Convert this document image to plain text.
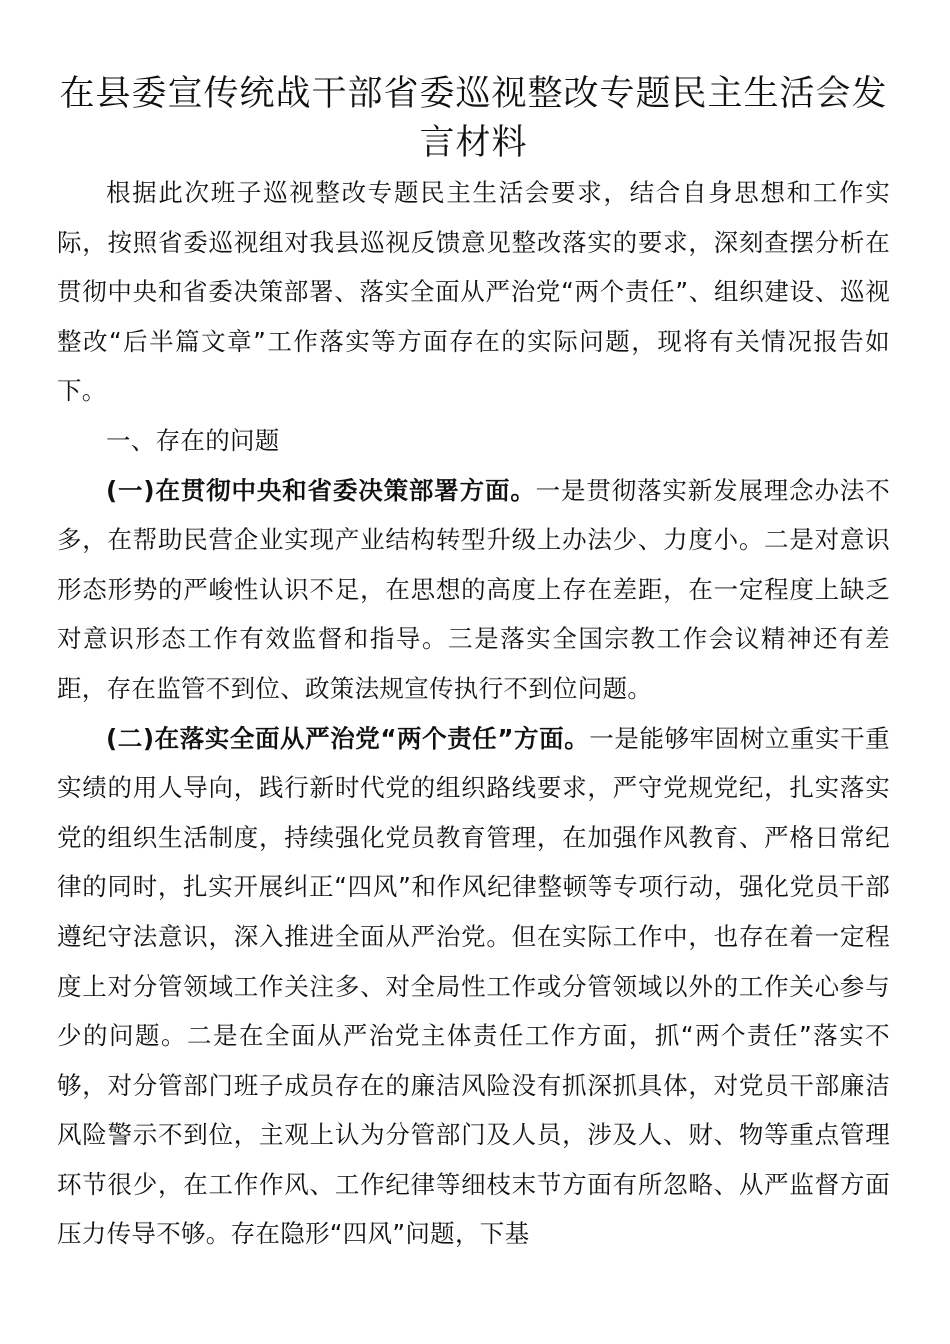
在县委宣传统战干部省委巡视整改专题民主生活会发言材料

根据此次班子巡视整改专题民主生活会要求，结合自身思想和工作实际，按照省委巡视组对我县巡视反馈意见整改落实的要求，深刻查摆分析在贯彻中央和省委决策部署、落实全面从严治党“两个责任”、组织建设、巡视整改“后半篇文章”工作落实等方面存在的实际问题，现将有关情况报告如下。

一、存在的问题

(一)在贯彻中央和省委决策部署方面。一是贯彻落实新发展理念办法不多，在帮助民营企业实现产业结构转型升级上办法少、力度小。二是对意识形态形势的严峻性认识不足，在思想的高度上存在差距，在一定程度上缺乏对意识形态工作有效监督和指导。三是落实全国宗教工作会议精神还有差距，存在监管不到位、政策法规宣传执行不到位问题。

(二)在落实全面从严治党“两个责任”方面。一是能够牢固树立重实干重实绩的用人导向，践行新时代党的组织路线要求，严守党规党纪，扎实落实党的组织生活制度，持续强化党员教育管理，在加强作风教育、严格日常纪律的同时，扎实开展纠正“四风”和作风纪律整顿等专项行动，强化党员干部遵纪守法意识，深入推进全面从严治党。但在实际工作中，也存在着一定程度上对分管领域工作关注多、对全局性工作或分管领域以外的工作关心参与少的问题。二是在全面从严治党主体责任工作方面，抓“两个责任”落实不够，对分管部门班子成员存在的廉洁风险没有抓深抓具体，对党员干部廉洁风险警示不到位，主观上认为分管部门及人员，涉及人、财、物等重点管理环节很少，在工作作风、工作纪律等细枝末节方面有所忽略、从严监督方面压力传导不够。存在隐形“四风”问题，下基
